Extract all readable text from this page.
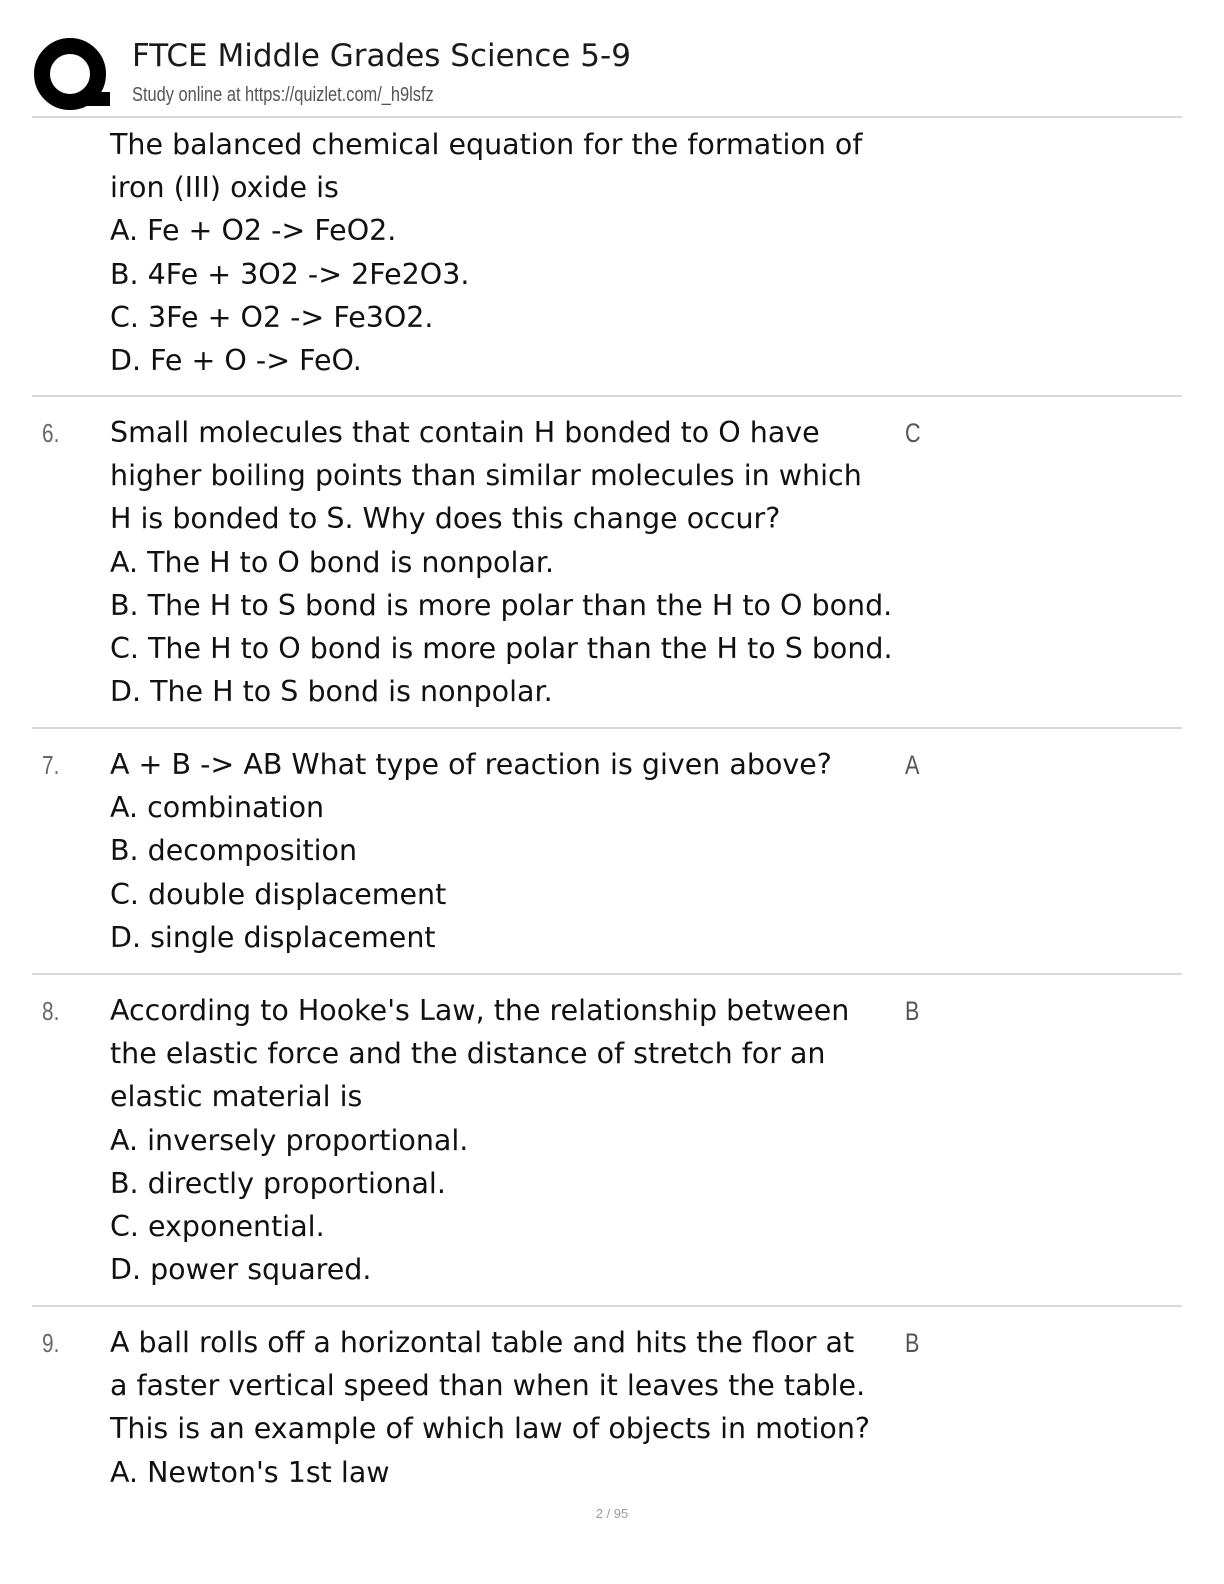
FTCE Middle Grades Science 5-9
Study online at https://quizlet.com/_h9lsfz
The balanced chemical equation for the formation of
iron (III) oxide is
A. Fe + O2 -> FeO2.
B. 4Fe + 3O2 -> 2Fe2O3.
C. 3Fe + O2 -> Fe3O2.
D. Fe + O -> FeO.
6. Small molecules that contain H bonded to O have
higher boiling points than similar molecules in which
H is bonded to S. Why does this change occur?
A. The H to O bond is nonpolar.
B. The H to S bond is more polar than the H to O bond.
C. The H to O bond is more polar than the H to S bond.
D. The H to S bond is nonpolar.
C
7. A + B -> AB What type of reaction is given above?
A. combination
B. decomposition
C. double displacement
D. single displacement
A
8. According to Hooke's Law, the relationship between
the elastic force and the distance of stretch for an
elastic material is
A. inversely proportional.
B. directly proportional.
C. exponential.
D. power squared.
B
9. A ball rolls off a horizontal table and hits the floor at
a faster vertical speed than when it leaves the table.
This is an example of which law of objects in motion?
A. Newton's 1st law
B
2 / 95
